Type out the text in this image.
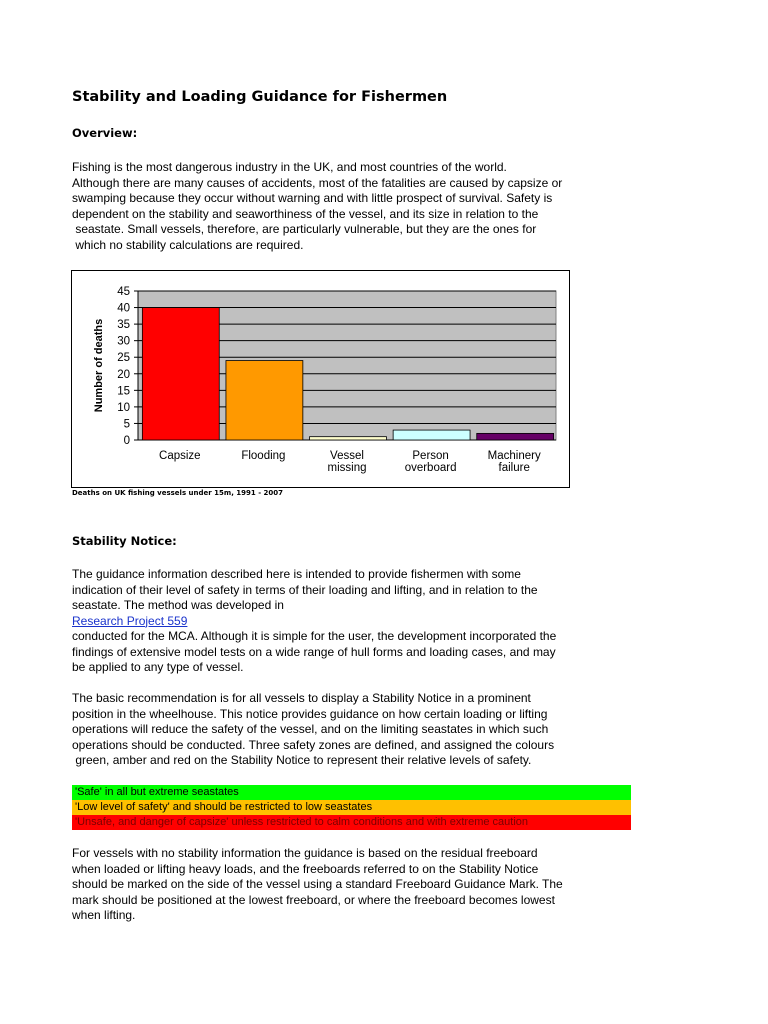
Stability and Loading Guidance for Fishermen
Overview:
Fishing is the most dangerous industry in the UK, and most countries of the world.
Although there are many causes of accidents, most of the fatalities are caused by capsize or
swamping because they occur without warning and with little prospect of survival. Safety is
dependent on the stability and seaworthiness of the vessel, and its size in relation to the
seastate. Small vessels, therefore, are particularly vulnerable, but they are the ones for
which no stability calculations are required.
0
5
10
15
20
25
30
35
40
45
Capsize	Flooding	Vessel missing
Person overboard
Machinery failure
Number of deaths

Deaths on UK fishing vessels under 15m, 1991 - 2007

Stability Notice:
The guidance information described here is intended to provide fishermen with some
indication of their level of safety in terms of their loading and lifting, and in relation to the
seastate. The method was developed in
Research Project 559
conducted for the MCA. Although it is simple for the user, the development incorporated the
findings of extensive model tests on a wide range of hull forms and loading cases, and may
be applied to any type of vessel.
The basic recommendation is for all vessels to display a Stability Notice in a prominent
position in the wheelhouse. This notice provides guidance on how certain loading or lifting
operations will reduce the safety of the vessel, and on the limiting seastates in which such
operations should be conducted. Three safety zones are defined, and assigned the colours
green, amber and red on the Stability Notice to represent their relative levels of safety.
'Safe' in all but extreme seastates
'Low level of safety' and should be restricted to low seastates
'Unsafe, and danger of capsize' unless restricted to calm conditions and with extreme caution
For vessels with no stability information the guidance is based on the residual freeboard
when loaded or lifting heavy loads, and the freeboards referred to on the Stability Notice
should be marked on the side of the vessel using a standard Freeboard Guidance Mark. The
mark should be positioned at the lowest freeboard, or where the freeboard becomes lowest
when lifting.
